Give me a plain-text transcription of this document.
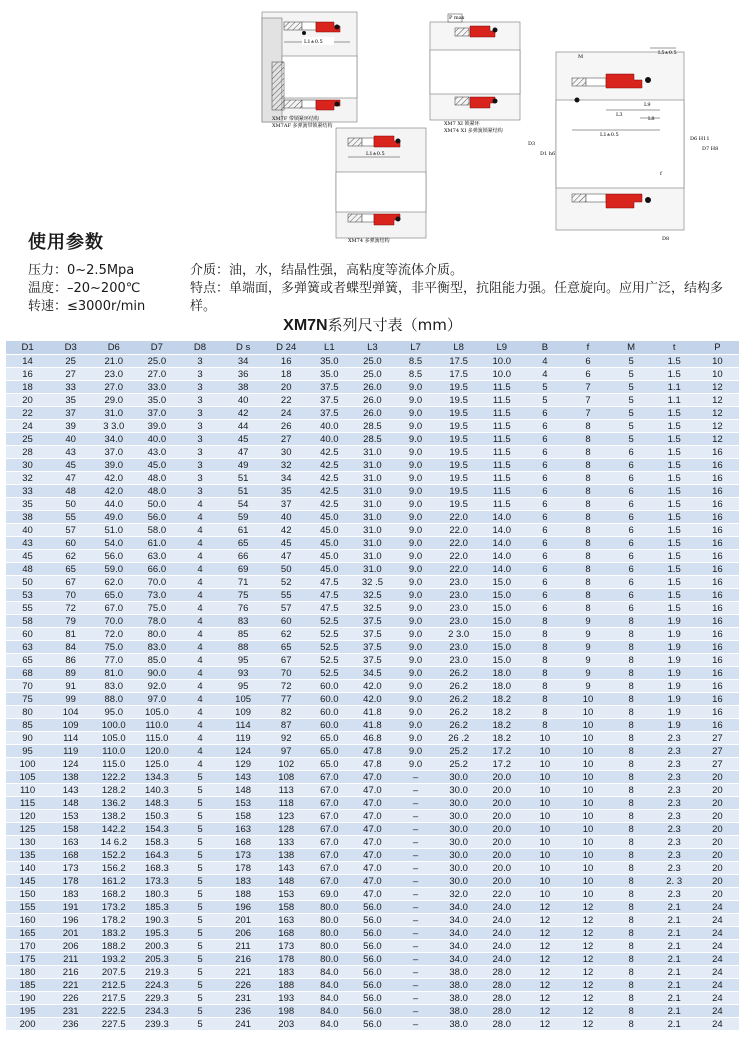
L1±0.5
XM7F 带锁紧环结构
XM7AF 多弹簧带锁紧结构
P max
XM7 XI 锁紧环
XM74 XI 多弹簧锁紧结构
L1±0.5
XM74 多弹簧结构
L5±0.5
M
L9
L8
L3
L1±0.5
D3
D1 h6
D6 H11
D7 H8
D8
f
使用参数
压力：0~2.5Mpa
温度：–20~200℃
转速：≤3000r/min
介质：油，水，结晶性强，高粘度等流体介质。
特点：单端面，多弹簧或者蝶型弹簧，非平衡型，抗阻能力强。任意旋向。应用广泛，结构多样。
XM7N系列尺寸表（mm）
D1	D3	D6	D7	D8	D s	D 24	L1	L3	L7	L8	L9	B	f	M	t	P
14	25	21.0	25.0	3	34	16	35.0	25.0	8.5	17.5	10.0	4	6	5	1.5	10
16	27	23.0	27.0	3	36	18	35.0	25.0	8.5	17.5	10.0	4	6	5	1.5	10
18	33	27.0	33.0	3	38	20	37.5	26.0	9.0	19.5	11.5	5	7	5	1.1	12
20	35	29.0	35.0	3	40	22	37.5	26.0	9.0	19.5	11.5	5	7	5	1.1	12
22	37	31.0	37.0	3	42	24	37.5	26.0	9.0	19.5	11.5	6	7	5	1.5	12
24	39	3 3.0	39.0	3	44	26	40.0	28.5	9.0	19.5	11.5	6	8	5	1.5	12
25	40	34.0	40.0	3	45	27	40.0	28.5	9.0	19.5	11.5	6	8	5	1.5	12
28	43	37.0	43.0	3	47	30	42.5	31.0	9.0	19.5	11.5	6	8	6	1.5	16
30	45	39.0	45.0	3	49	32	42.5	31.0	9.0	19.5	11.5	6	8	6	1.5	16
32	47	42.0	48.0	3	51	34	42.5	31.0	9.0	19.5	11.5	6	8	6	1.5	16
33	48	42.0	48.0	3	51	35	42.5	31.0	9.0	19.5	11.5	6	8	6	1.5	16
35	50	44.0	50.0	4	54	37	42.5	31.0	9.0	19.5	11.5	6	8	6	1.5	16
38	55	49.0	56.0	4	59	40	45.0	31.0	9.0	22.0	14.0	6	8	6	1.5	16
40	57	51.0	58.0	4	61	42	45.0	31.0	9.0	22.0	14.0	6	8	6	1.5	16
43	60	54.0	61.0	4	65	45	45.0	31.0	9.0	22.0	14.0	6	8	6	1.5	16
45	62	56.0	63.0	4	66	47	45.0	31.0	9.0	22.0	14.0	6	8	6	1.5	16
48	65	59.0	66.0	4	69	50	45.0	31.0	9.0	22.0	14.0	6	8	6	1.5	16
50	67	62.0	70.0	4	71	52	47.5	32 .5	9.0	23.0	15.0	6	8	6	1.5	16
53	70	65.0	73.0	4	75	55	47.5	32.5	9.0	23.0	15.0	6	8	6	1.5	16
55	72	67.0	75.0	4	76	57	47.5	32.5	9.0	23.0	15.0	6	8	6	1.5	16
58	79	70.0	78.0	4	83	60	52.5	37.5	9.0	23.0	15.0	8	9	8	1.9	16
60	81	72.0	80.0	4	85	62	52.5	37.5	9.0	2 3.0	15.0	8	9	8	1.9	16
63	84	75.0	83.0	4	88	65	52.5	37.5	9.0	23.0	15.0	8	9	8	1.9	16
65	86	77.0	85.0	4	95	67	52.5	37.5	9.0	23.0	15.0	8	9	8	1.9	16
68	89	81.0	90.0	4	93	70	52.5	34.5	9.0	26.2	18.0	8	9	8	1.9	16
70	91	83.0	92.0	4	95	72	60.0	42.0	9.0	26.2	18.0	8	9	8	1.9	16
75	99	88.0	97.0	4	105	77	60.0	42.0	9.0	26.2	18.2	8	10	8	1.9	16
80	104	95.0	105.0	4	109	82	60.0	41.8	9.0	26.2	18.2	8	10	8	1.9	16
85	109	100.0	110.0	4	114	87	60.0	41.8	9.0	26.2	18.2	8	10	8	1.9	16
90	114	105.0	115.0	4	119	92	65.0	46.8	9.0	26 .2	18.2	10	10	8	2.3	27
95	119	110.0	120.0	4	124	97	65.0	47.8	9.0	25.2	17.2	10	10	8	2.3	27
100	124	115.0	125.0	4	129	102	65.0	47.8	9.0	25.2	17.2	10	10	8	2.3	27
105	138	122.2	134.3	5	143	108	67.0	47.0	–	30.0	20.0	10	10	8	2.3	20
110	143	128.2	140.3	5	148	113	67.0	47.0	–	30.0	20.0	10	10	8	2.3	20
115	148	136.2	148.3	5	153	118	67.0	47.0	–	30.0	20.0	10	10	8	2.3	20
120	153	138.2	150.3	5	158	123	67.0	47.0	–	30.0	20.0	10	10	8	2.3	20
125	158	142.2	154.3	5	163	128	67.0	47.0	–	30.0	20.0	10	10	8	2.3	20
130	163	14 6.2	158.3	5	168	133	67.0	47.0	–	30.0	20.0	10	10	8	2.3	20
135	168	152.2	164.3	5	173	138	67.0	47.0	–	30.0	20.0	10	10	8	2.3	20
140	173	156.2	168.3	5	178	143	67.0	47.0	–	30.0	20.0	10	10	8	2.3	20
145	178	161.2	173.3	5	183	148	67.0	47.0	–	30.0	20.0	10	10	8	2. 3	20
150	183	168.2	180.3	5	188	153	69.0	47.0	–	32.0	22.0	10	10	8	2.3	20
155	191	173.2	185.3	5	196	158	80.0	56.0	–	34.0	24.0	12	12	8	2.1	24
160	196	178.2	190.3	5	201	163	80.0	56.0	–	34.0	24.0	12	12	8	2.1	24
165	201	183.2	195.3	5	206	168	80.0	56.0	–	34.0	24.0	12	12	8	2.1	24
170	206	188.2	200.3	5	211	173	80.0	56.0	–	34.0	24.0	12	12	8	2.1	24
175	211	193.2	205.3	5	216	178	80.0	56.0	–	34.0	24.0	12	12	8	2.1	24
180	216	207.5	219.3	5	221	183	84.0	56.0	–	38.0	28.0	12	12	8	2.1	24
185	221	212.5	224.3	5	226	188	84.0	56.0	–	38.0	28.0	12	12	8	2.1	24
190	226	217.5	229.3	5	231	193	84.0	56.0	–	38.0	28.0	12	12	8	2.1	24
195	231	222.5	234.3	5	236	198	84.0	56.0	–	38.0	28.0	12	12	8	2.1	24
200	236	227.5	239.3	5	241	203	84.0	56.0	–	38.0	28.0	12	12	8	2.1	24
